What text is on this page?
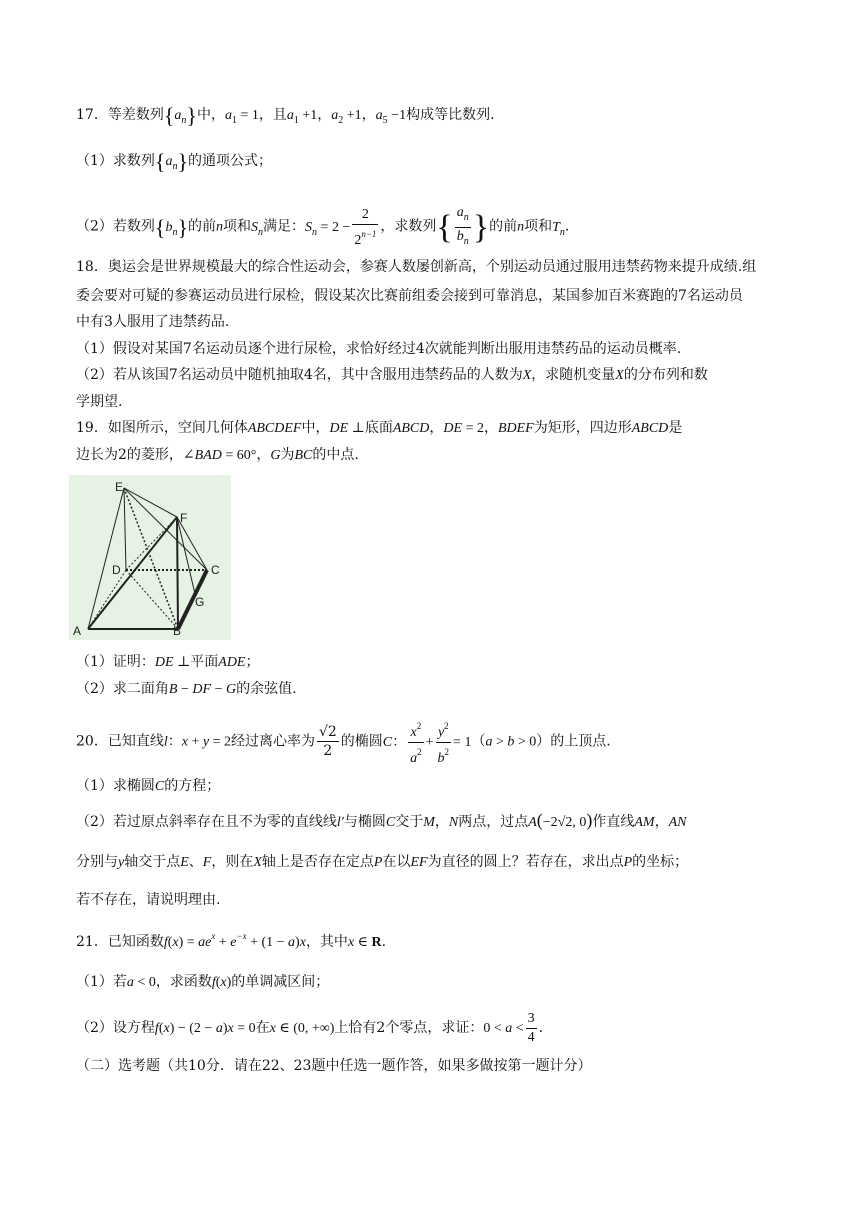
17．等差数列$\{a_n\}$中，$a_1 = 1$，且$a_1 +1$，$a_2 +1$，$a_5 -1$构成等比数列.
（1）求数列$\{a_n\}$的通项公式；
（2）若数列$\{b_n\}$的前n项和$S_n$满足：$S_n = 2 - \frac{2}{2^{n-1}}$ ，求数列{ $\frac{a_n}{b_n}$ }的前n项和$T_n$.
18．奥运会是世界规模最大的综合性运动会，参赛人数屡创新高，个别运动员通过服用违禁药物来提升成绩.组
委会要对可疑的参赛运动员进行尿检，假设某次比赛前组委会接到可靠消息，某国参加百米赛跑的7名运动员
中有3人服用了违禁药品.
（1）假设对某国7名运动员逐个进行尿检，求恰好经过4次就能判断出服用违禁药品的运动员概率.
（2）若从该国7名运动员中随机抽取4名，其中含服用违禁药品的人数为X，求随机变量X的分布列和数
学期望.
19．如图所示，空间几何体ABCDEF中，DE ⊥底面ABCD，DE = 2，BDEF为矩形，四边形ABCD是
边长为2的菱形，∠BAD = 60°，G为BC的中点.
E
F
D	C
G
A	B
（1）证明：DE ⊥平面ADE；
（2）求二面角B − DF − G的余弦值.
20．已知直线l：x + y = 2经过离心率为 $\frac{√2}{2}$ 的椭圆C： $\frac{x^2}{a^2} + \frac{y^2}{b^2} = 1(a > b > 0)$的上顶点.
（1）求椭圆C的方程；
（2）若过原点斜率存在且不为零的直线线l′与椭圆C交于M，N两点，过点A(−2√2, 0)作直线AM，AN
分别与y轴交于点E、F，则在X轴上是否存在定点P在以EF为直径的圆上？若存在，求出点P的坐标；
若不存在，请说明理由.
21．已知函数$f(x) = ae^x + e^{-x} + (1 - a)x$，其中x ∈ R.
（1）若a < 0，求函数f(x)的单调减区间；
（2）设方程f(x) − (2 − a)x = 0在x ∈ (0, +∞)上恰有2个零点，求证：$0 < a < \frac{3}{4}$ .
（二）选考题（共10分．请在22、23题中任选一题作答，如果多做按第一题计分）
